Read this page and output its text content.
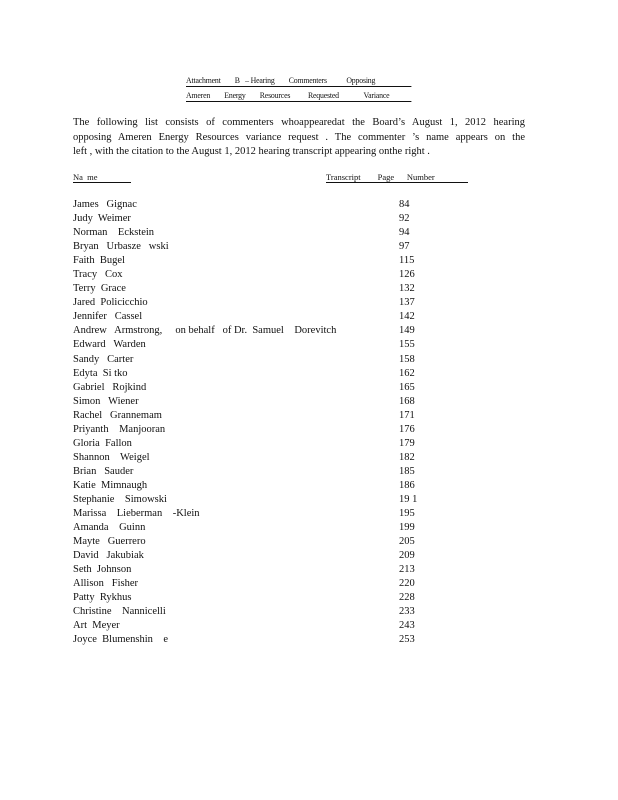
Attachment        B   – Hearing        Commenters           Opposing
Ameren        Energy        Resources          Requested              Variance
The following list consists of commenters whoappearedat the Board’s August 1, 2012 hearing
opposing Ameren Energy Resources variance request . The commenter ’s name appears on the
left , with the citation to the August 1, 2012 hearing transcript appearing onthe right .
Na  me	Transcript        Page      Number
James   Gignac	84
Judy  Weimer	92
Norman    Eckstein	94
Bryan   Urbasze   wski	97
Faith  Bugel	115
Tracy   Cox	126
Terry  Grace	132
Jared  Policicchio	137
Jennifer   Cassel	142
Andrew   Armstrong,     on behalf   of Dr.  Samuel    Dorevitch	149
Edward   Warden	155
Sandy   Carter	158
Edyta  Si tko	162
Gabriel   Rojkind	165
Simon   Wiener	168
Rachel   Grannemam	171
Priyanth    Manjooran	176
Gloria  Fallon	179
Shannon    Weigel	182
Brian   Sauder	185
Katie  Mimnaugh	186
Stephanie    Simowski	19 1
Marissa    Lieberman    -Klein	195
Amanda    Guinn	199
Mayte   Guerrero	205
David   Jakubiak	209
Seth  Johnson	213
Allison   Fisher	220
Patty  Rykhus	228
Christine    Nannicelli	233
Art  Meyer	243
Joyce  Blumenshin    e	253
